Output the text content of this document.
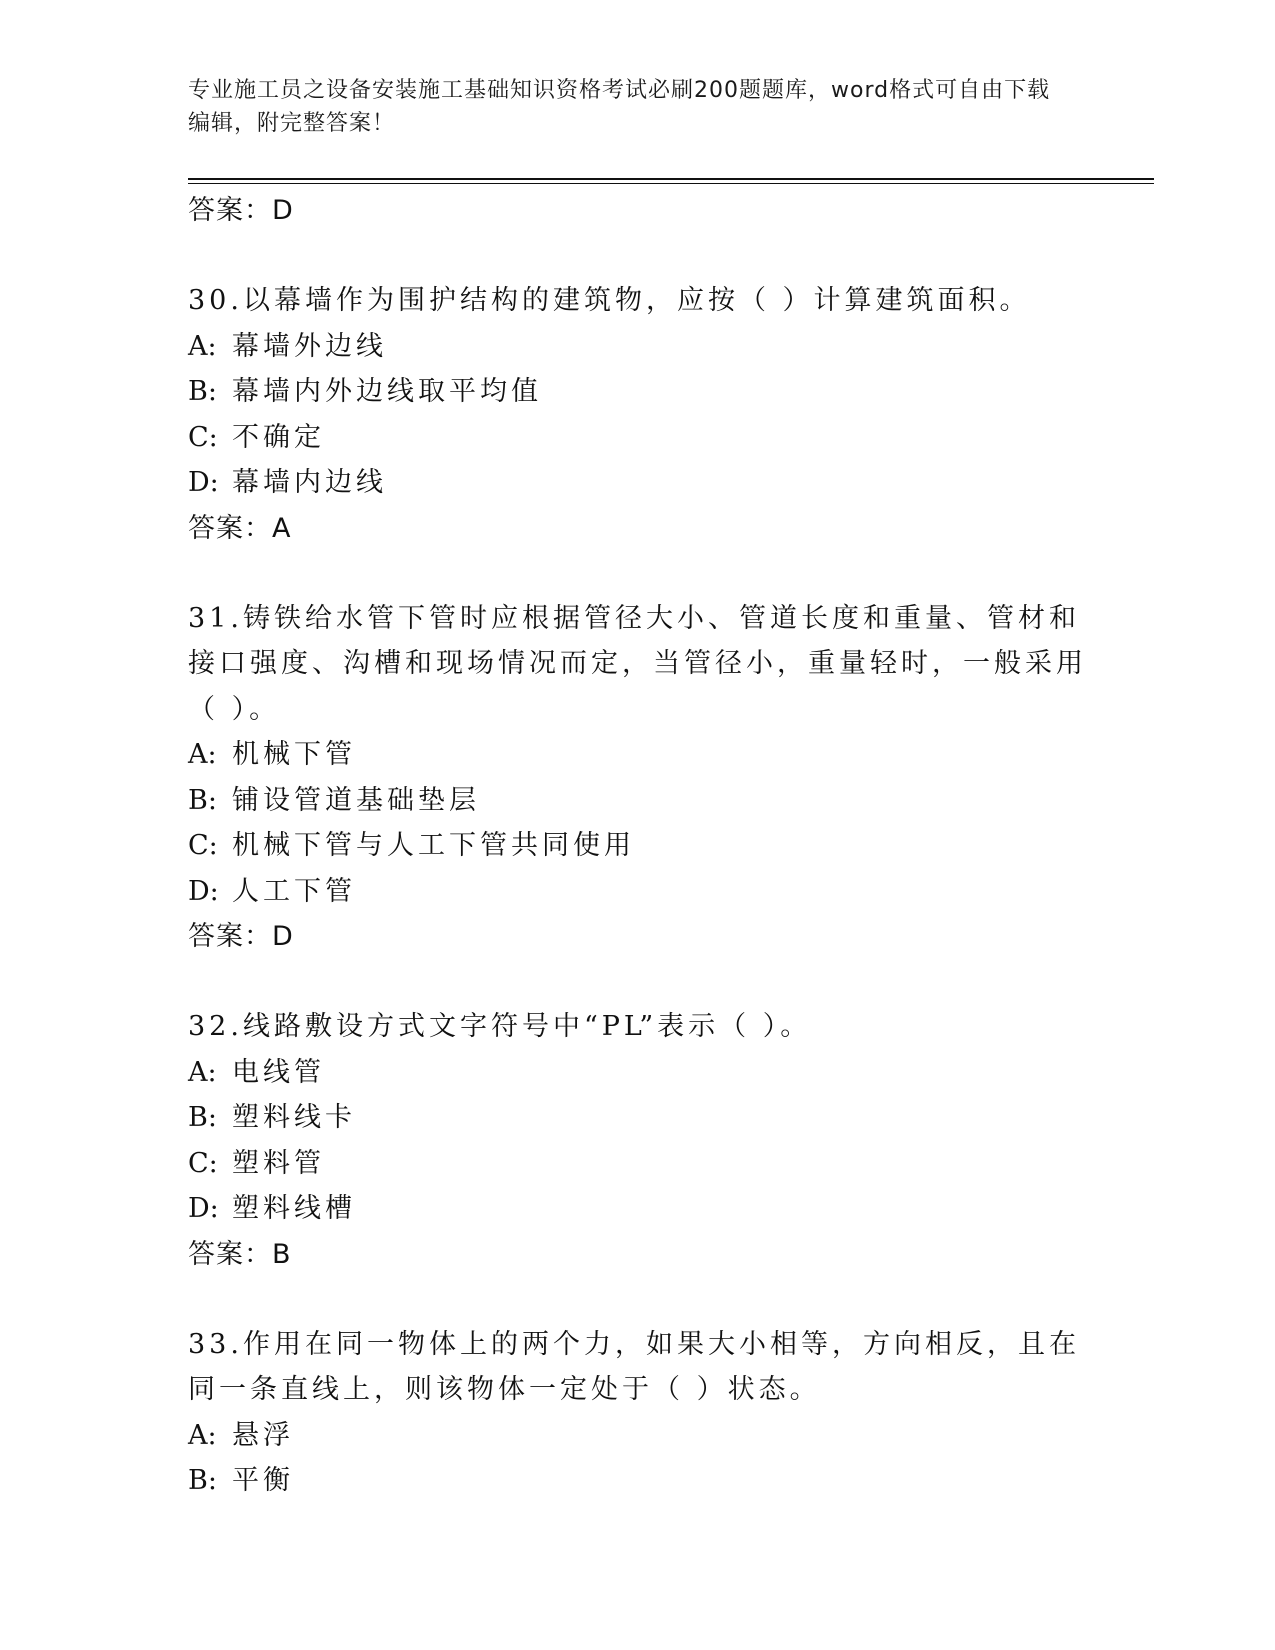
专业施工员之设备安装施工基础知识资格考试必刷200题题库，word格式可自由下载编辑，附完整答案！
答案：D
30.以幕墙作为围护结构的建筑物，应按（ ）计算建筑面积。
A: 幕墙外边线
B: 幕墙内外边线取平均值
C: 不确定
D: 幕墙内边线
答案：A
31.铸铁给水管下管时应根据管径大小、管道长度和重量、管材和接口强度、沟槽和现场情况而定，当管径小，重量轻时，一般采用（ ）。
A: 机械下管
B: 铺设管道基础垫层
C: 机械下管与人工下管共同使用
D: 人工下管
答案：D
32.线路敷设方式文字符号中“PL”表示（ ）。
A: 电线管
B: 塑料线卡
C: 塑料管
D: 塑料线槽
答案：B
33.作用在同一物体上的两个力，如果大小相等，方向相反，且在同一条直线上，则该物体一定处于（ ）状态。
A: 悬浮
B: 平衡
